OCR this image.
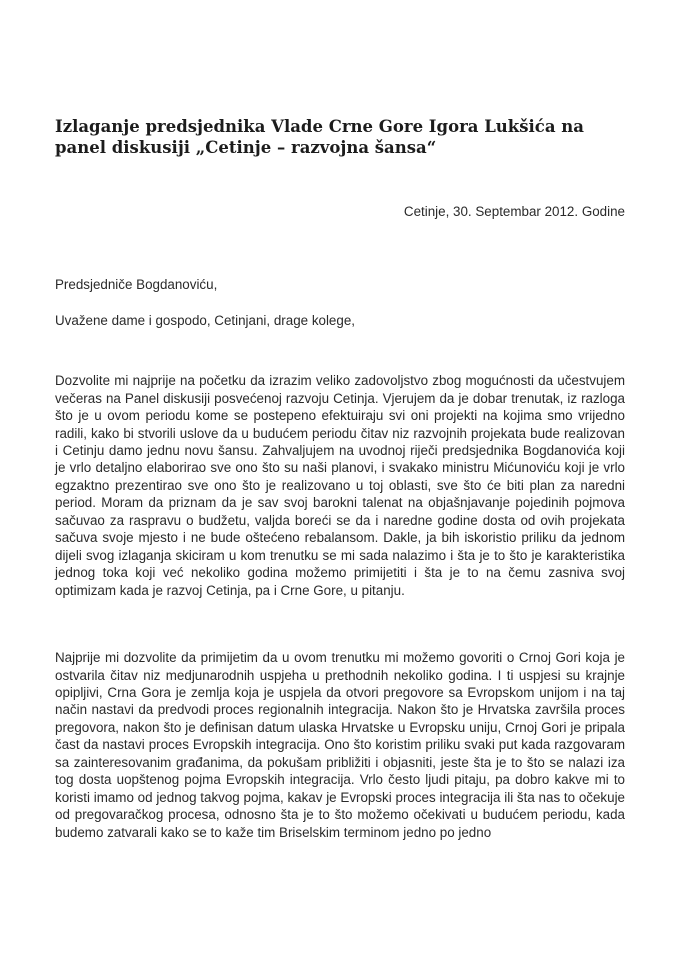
Izlaganje predsjednika Vlade Crne Gore Igora Lukšića na panel diskusiji „Cetinje – razvojna šansa“
Cetinje, 30. Septembar 2012. Godine
Predsjedniče Bogdanoviću,
Uvažene dame i gospodo, Cetinjani, drage kolege,
Dozvolite mi najprije na početku da izrazim veliko zadovoljstvo zbog mogućnosti da učestvujem večeras na Panel diskusiji posvećenoj razvoju Cetinja. Vjerujem da je dobar trenutak, iz razloga što je u ovom periodu kome se postepeno efektuiraju svi oni projekti na kojima smo vrijedno radili, kako bi stvorili uslove da u budućem periodu čitav niz razvojnih projekata bude realizovan i Cetinju damo jednu novu šansu. Zahvaljujem na uvodnoj riječi predsjednika Bogdanovića koji je vrlo detaljno elaborirao sve ono što su naši planovi, i svakako ministru Mićunoviću koji je vrlo egzaktno prezentirao sve ono što je realizovano u toj oblasti, sve što će biti plan za naredni period. Moram da priznam da je sav svoj barokni talenat na objašnjavanje pojedinih pojmova sačuvao za raspravu o budžetu, valjda boreći se da i naredne godine dosta od ovih projekata sačuva svoje mjesto i ne bude oštećeno rebalansom. Dakle, ja bih iskoristio priliku da jednom dijeli svog izlaganja skiciram u kom trenutku se mi sada nalazimo i šta je to što je karakteristika jednog toka koji već nekoliko godina možemo primijetiti i šta je to na čemu zasniva svoj optimizam kada je razvoj Cetinja, pa i Crne Gore, u pitanju.
Najprije mi dozvolite da primijetim da u ovom trenutku mi možemo govoriti o Crnoj Gori koja je ostvarila čitav niz medjunarodnih uspjeha u prethodnih nekoliko godina. I ti uspjesi su krajnje opipljivi, Crna Gora je zemlja koja je uspjela da otvori pregovore sa Evropskom unijom i na taj način nastavi da predvodi proces regionalnih integracija. Nakon što je Hrvatska završila proces pregovora, nakon što je definisan datum ulaska Hrvatske u Evropsku uniju, Crnoj Gori je pripala čast da nastavi proces Evropskih integracija. Ono što koristim priliku svaki put kada razgovaram sa zainteresovanim građanima, da pokušam približiti i objasniti, jeste šta je to što se nalazi iza tog dosta uopštenog pojma Evropskih integracija. Vrlo često ljudi pitaju, pa dobro kakve mi to koristi imamo od jednog takvog pojma, kakav je Evropski proces integracija ili šta nas to očekuje od pregovaračkog procesa, odnosno šta je to što možemo očekivati u budućem periodu, kada budemo zatvarali kako se to kaže tim Briselskim terminom jedno po jedno
